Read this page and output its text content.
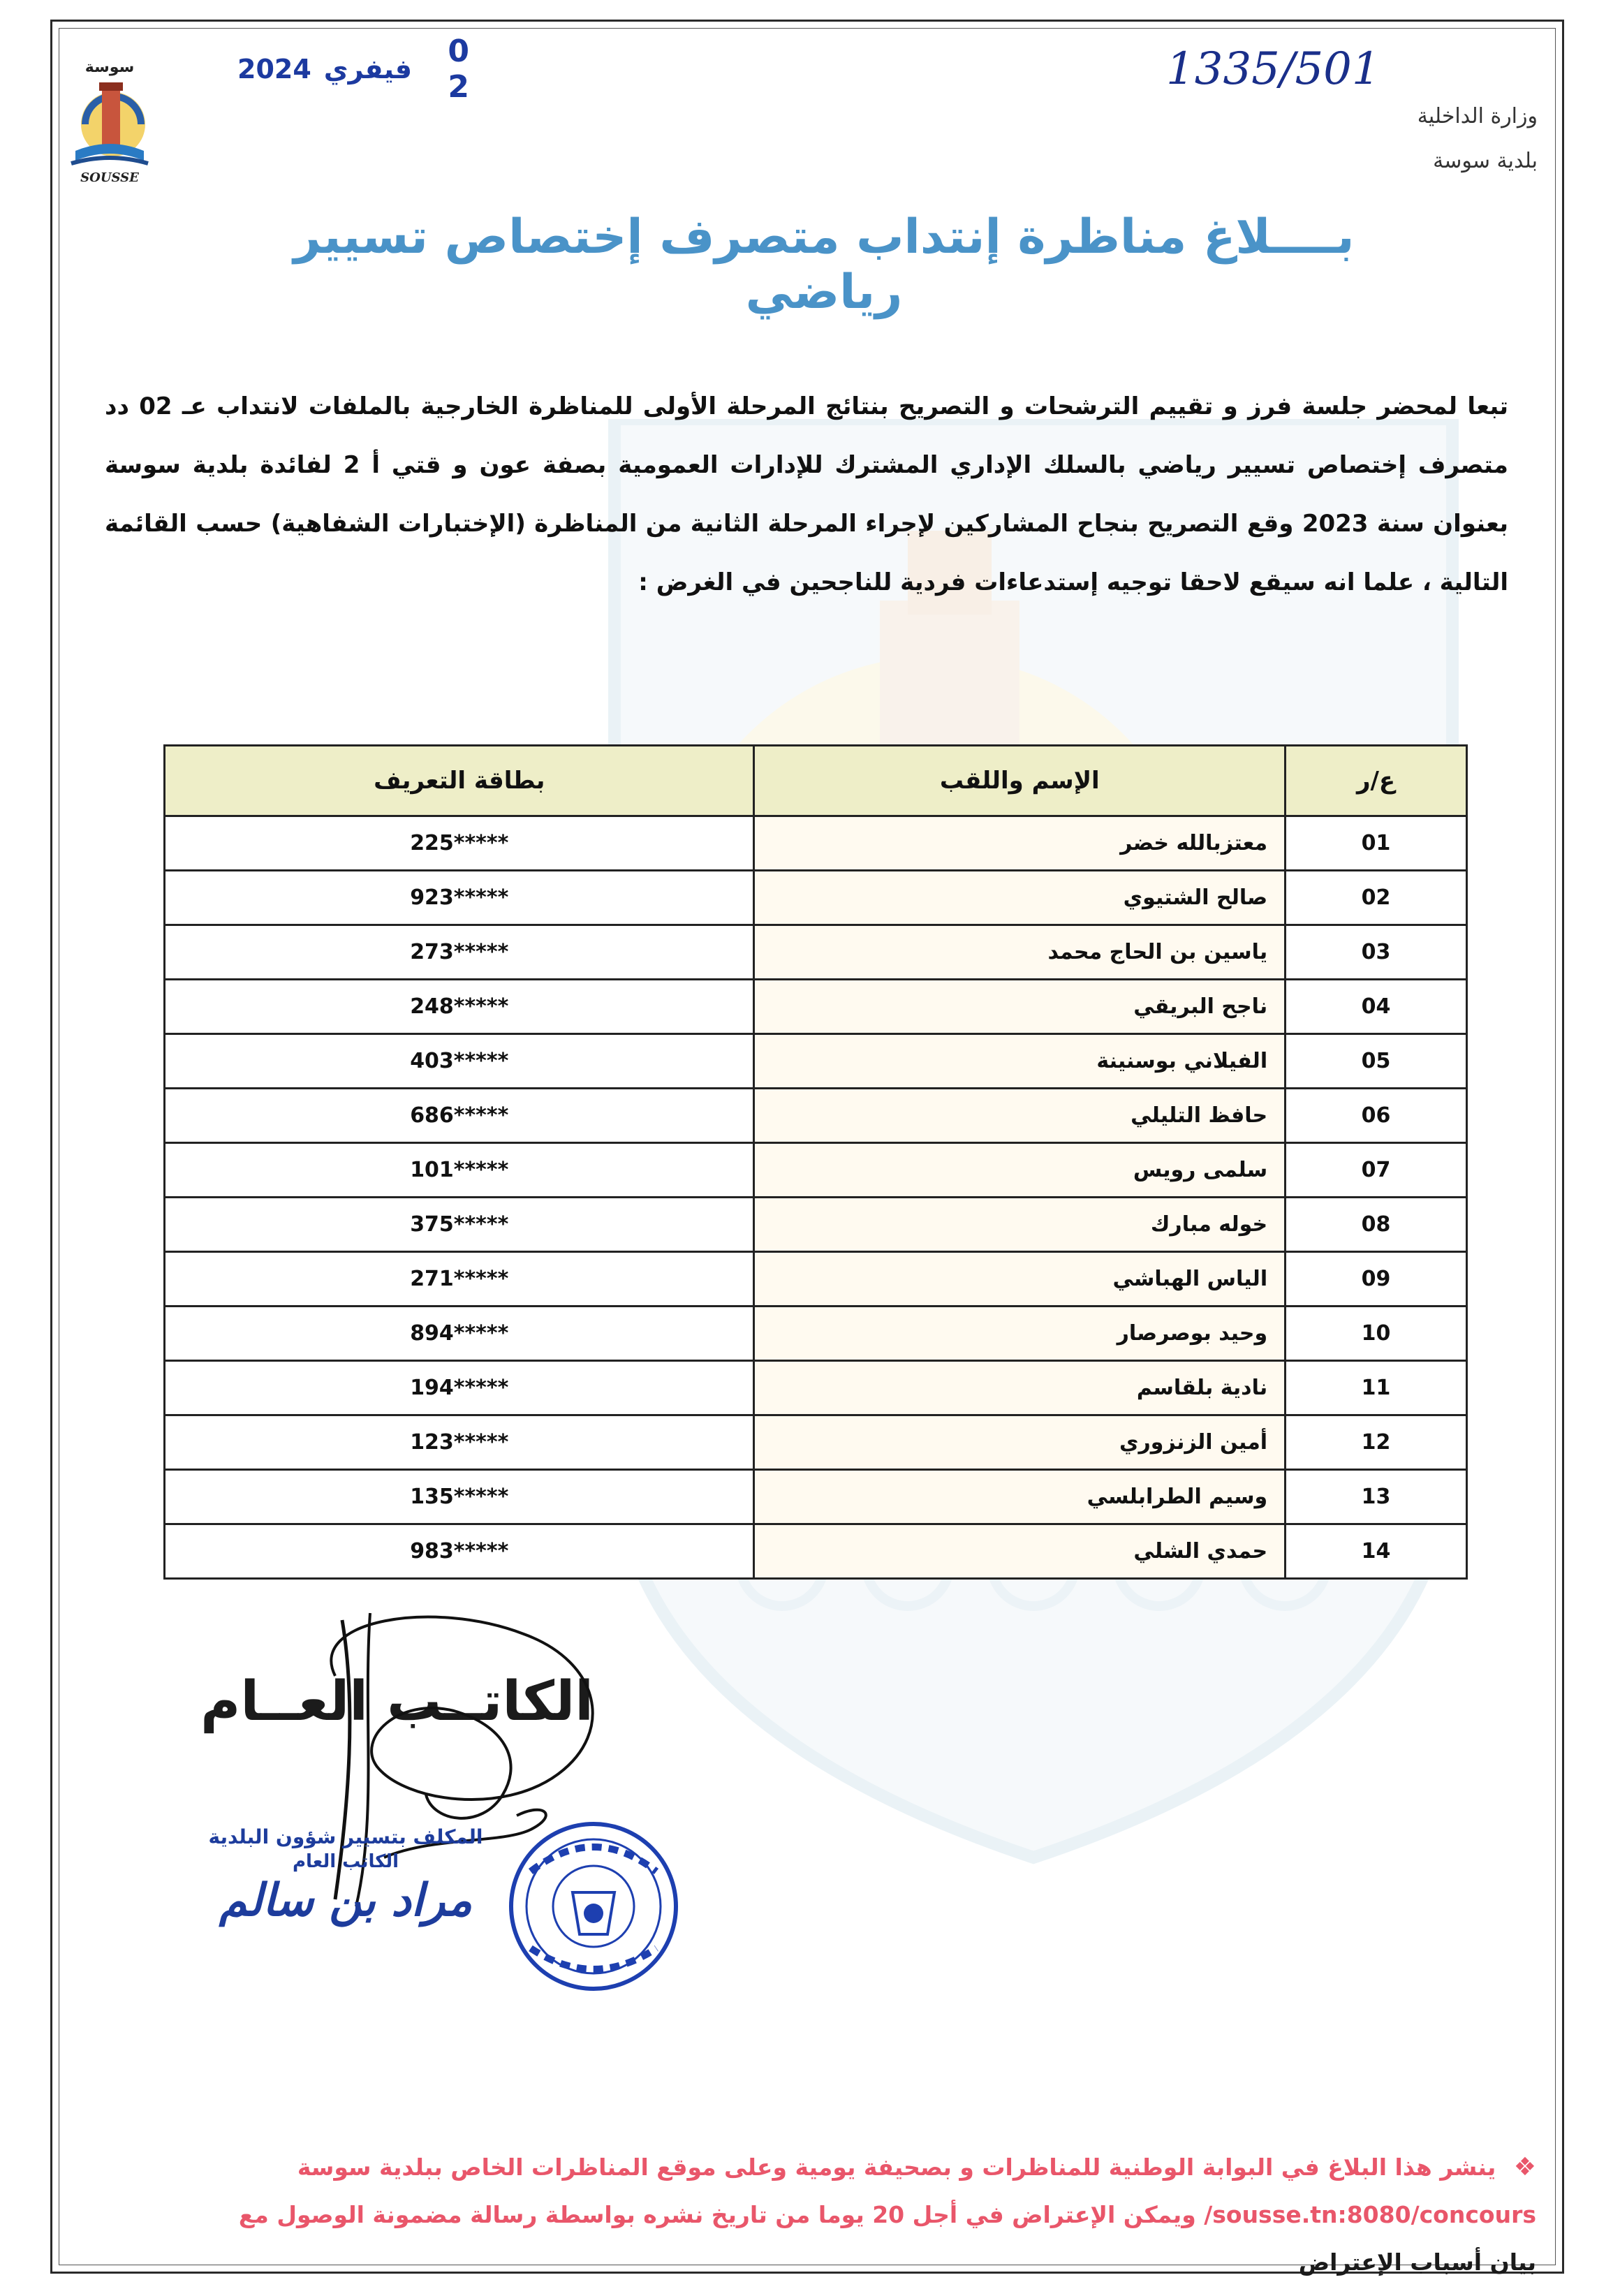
سوسة
SOUSSE
0 2
فيفري
2024	1335/501
وزارة الداخلية
بلدية سوسة
بــــلاغ مناظرة إنتداب متصرف إختصاص تسيير رياضي
تبعا لمحضر جلسة فرز و تقييم الترشحات و التصريح بنتائج المرحلة الأولى للمناظرة الخارجية بالملفات لانتداب عـ 02 دد متصرف إختصاص تسيير رياضي بالسلك الإداري المشترك للإدارات العمومية بصفة عون و قتي أ 2 لفائدة بلدية سوسة بعنوان سنة 2023 وقع التصريح بنجاح المشاركين لإجراء المرحلة الثانية من المناظرة (الإختبارات الشفاهية) حسب القائمة التالية ، علما انه سيقع لاحقا توجيه إستدعاءات فردية للناجحين في الغرض :
ع/ر	الإسم واللقب	بطاقة التعريف
01	معتزبالله خضر	225*****
02	صالح الشتيوي	923*****
03	ياسين بن الحاج محمد	273*****
04	ناجح البريقي	248*****
05	الفيلاني بوسنينة	403*****
06	حافظ التليلي	686*****
07	سلمى رويس	101*****
08	خوله مبارك	375*****
09	الياس الهباشي	271*****
10	وحيد بوصرصار	894*****
11	نادية بلقاسم	194*****
12	أمين الزنزوري	123*****
13	وسيم الطرابلسي	135*****
14	حمدي الشلي	983*****
الكاتــب العــام
المكلف بتسيير شؤون البلدية
الكاتب العام
مراد بن سالم
❖ ينشر هذا البلاغ في البوابة الوطنية للمناظرات و بصحيفة يومية وعلى موقع المناظرات الخاص ببلدية سوسة
sousse.tn:8080/concours/ ويمكن الإعتراض في أجل 20 يوما من تاريخ نشره بواسطة رسالة مضمونة الوصول مع
بيان أسباب الإعتراض
